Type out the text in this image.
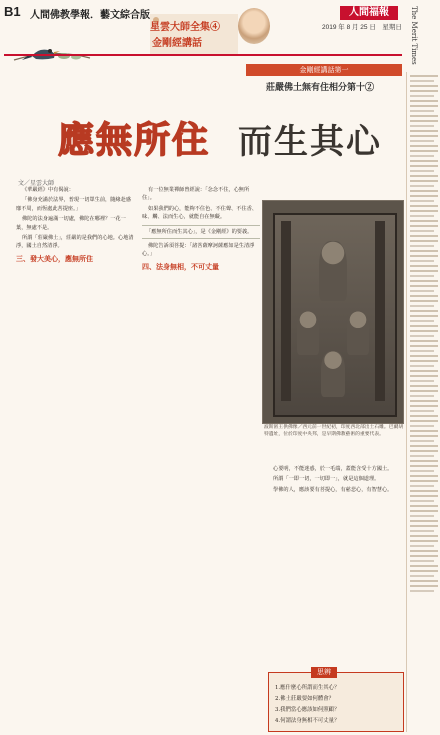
B1 人間佛教學報．藝文綜合版
星雲大師全集④
金剛經講話
人間福報
2019 年 8 月 25 日　星期日 The Merit Times
金剛經講話第一
莊嚴佛土無有住相分第十②
應無所住 而生其心
文／星雲大師
《華嚴經》中有偈說：
「佛身充滿於法界，普現一切眾生前，隨緣赴感靡不周，而恆處此菩提座。」
佛陀的法身遍滿一切處，佛陀在哪裡？一花一葉，無處不是。
所謂「莊嚴佛土」，莊嚴的是我們的心地。心地清淨，國土自然清淨。
三、發大美心，應無所住
有一位無業禪師曾經說：「念念不住，心無所住」。
如果我們的心，能夠不住色、不住聲、不住香、味、觸、法而生心，就能自在無礙。
「應無所住而生其心」，是《金剛經》的要義。
佛陀告訴須菩提：「諸菩薩摩訶薩應如是生清淨心。」
四、法身無相，不可丈量
波斯匿王供佛像／西元前一世紀初，印度西北部出土石雕。巴爾胡特遺址，位於印度中央邦，是早期佛教藝術的重要代表。
心要明，不能迷惑，於一毛端，蓋能含受十方國土。
所謂「一即一切，一切即一」，就是這個道理。
學佛的人，應該要有菩提心，有慈悲心，有智慧心。
思辨
1.應什麼心所謂而生其心？
2.佛土莊嚴要如何體會？
3.我們當心應該如何照顧？
4.何謂法身無相不可丈量？
